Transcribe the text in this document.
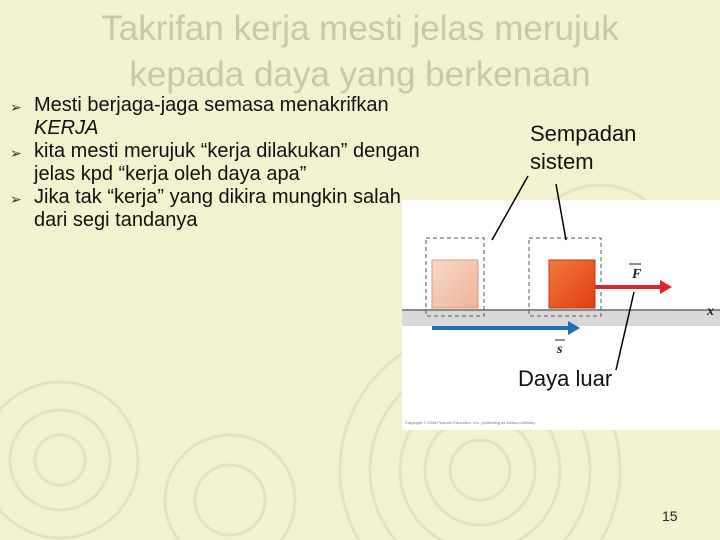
Takrifan kerja mesti jelas merujuk
kepada daya yang berkenaan
➢ Mesti berjaga-jaga semasa menakrifkan KERJA
➢ kita mesti merujuk “kerja dilakukan” dengan jelas kpd “kerja oleh daya apa”
➢ Jika tak “kerja” yang dikira mungkin salah dari segi tandanya
F
s
x
Copyright © 2008 Pearson Education, Inc., publishing as Addison-Wesley.
Sempadan
sistem
Daya luar
15
